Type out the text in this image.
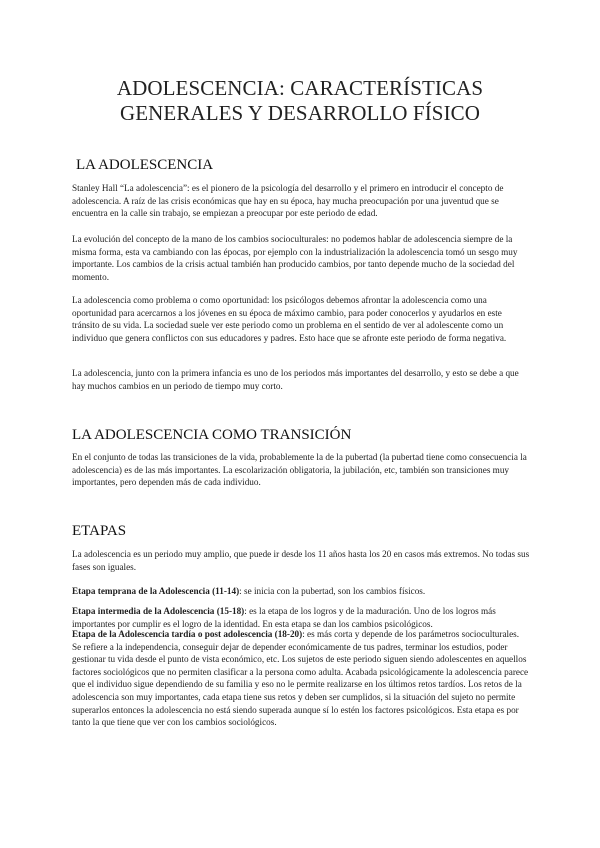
ADOLESCENCIA: CARACTERÍSTICAS GENERALES Y DESARROLLO FÍSICO
LA ADOLESCENCIA
Stanley Hall “La adolescencia”: es el pionero de la psicología del desarrollo y el primero en introducir el concepto de adolescencia. A raíz de las crisis económicas que hay en su época, hay mucha preocupación por una juventud que se encuentra en la calle sin trabajo, se empiezan a preocupar por este periodo de edad.
La evolución del concepto de la mano de los cambios socioculturales: no podemos hablar de adolescencia siempre de la misma forma, esta va cambiando con las épocas, por ejemplo con la industrialización la adolescencia tomó un sesgo muy importante. Los cambios de la crisis actual también han producido cambios, por tanto depende mucho de la sociedad del momento.
La adolescencia como problema o como oportunidad: los psicólogos debemos afrontar la adolescencia como una oportunidad para acercarnos a los jóvenes en su época de máximo cambio, para poder conocerlos y ayudarlos en este tránsito de su vida. La sociedad suele ver este periodo como un problema en el sentido de ver al adolescente como un individuo que genera conflictos con sus educadores y padres. Esto hace que se afronte este periodo de forma negativa.
La adolescencia, junto con la primera infancia es uno de los periodos más importantes del desarrollo, y esto se debe a que hay muchos cambios en un periodo de tiempo muy corto.
LA ADOLESCENCIA COMO TRANSICIÓN
En el conjunto de todas las transiciones de la vida, probablemente la de la pubertad (la pubertad tiene como consecuencia la adolescencia) es de las más importantes. La escolarización obligatoria, la jubilación, etc, también son transiciones muy importantes, pero dependen más de cada individuo.
ETAPAS
La adolescencia es un periodo muy amplio, que puede ir desde los 11 años hasta los 20 en casos más extremos. No todas sus fases son iguales.
Etapa temprana de la Adolescencia (11-14): se inicia con la pubertad, son los cambios físicos.
Etapa intermedia de la Adolescencia (15-18): es la etapa de los logros y de la maduración. Uno de los logros más importantes por cumplir es el logro de la identidad. En esta etapa se dan los cambios psicológicos.
Etapa de la Adolescencia tardía o post adolescencia (18-20): es más corta y depende de los parámetros socioculturales. Se refiere a la independencia, conseguir dejar de depender económicamente de tus padres, terminar los estudios, poder gestionar tu vida desde el punto de vista económico, etc. Los sujetos de este periodo siguen siendo adolescentes en aquellos factores sociológicos que no permiten clasificar a la persona como adulta. Acabada psicológicamente la adolescencia parece que el individuo sigue dependiendo de su familia y eso no le permite realizarse en los últimos retos tardíos. Los retos de la adolescencia son muy importantes, cada etapa tiene sus retos y deben ser cumplidos, si la situación del sujeto no permite superarlos entonces la adolescencia no está siendo superada aunque sí lo estén los factores psicológicos. Esta etapa es por tanto la que tiene que ver con los cambios sociológicos.
